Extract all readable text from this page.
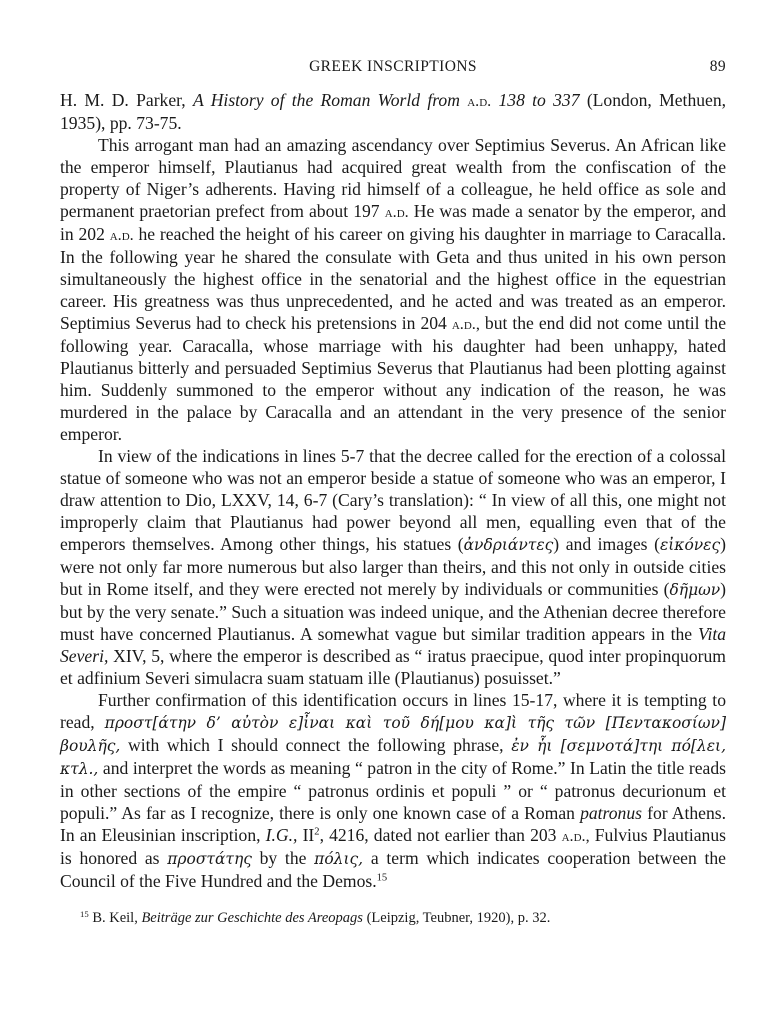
GREEK INSCRIPTIONS	89

H. M. D. Parker, A History of the Roman World from a.d. 138 to 337 (London, Methuen, 1935), pp. 73-75.

This arrogant man had an amazing ascendancy over Septimius Severus. An African like the emperor himself, Plautianus had acquired great wealth from the confiscation of the property of Niger’s adherents. Having rid himself of a colleague, he held office as sole and permanent praetorian prefect from about 197 a.d. He was made a senator by the emperor, and in 202 a.d. he reached the height of his career on giving his daughter in marriage to Caracalla. In the following year he shared the consulate with Geta and thus united in his own person simultaneously the highest office in the senatorial and the highest office in the equestrian career. His greatness was thus unprecedented, and he acted and was treated as an emperor. Septimius Severus had to check his pretensions in 204 a.d., but the end did not come until the following year. Caracalla, whose marriage with his daughter had been unhappy, hated Plautianus bitterly and persuaded Septimius Severus that Plautianus had been plotting against him. Suddenly summoned to the emperor without any indication of the reason, he was murdered in the palace by Caracalla and an attendant in the very presence of the senior emperor.

In view of the indications in lines 5-7 that the decree called for the erection of a colossal statue of someone who was not an emperor beside a statue of someone who was an emperor, I draw attention to Dio, LXXV, 14, 6-7 (Cary’s translation): “ In view of all this, one might not improperly claim that Plautianus had power beyond all men, equalling even that of the emperors themselves. Among other things, his statues (ἀνδριάντες) and images (εἰκόνες) were not only far more numerous but also larger than theirs, and this not only in outside cities but in Rome itself, and they were erected not merely by individuals or communities (δῆμων) but by the very senate.” Such a situation was indeed unique, and the Athenian decree therefore must have concerned Plautianus. A somewhat vague but similar tradition appears in the Vita Severi, XIV, 5, where the emperor is described as “ iratus praecipue, quod inter propinquorum et adfinium Severi simulacra suam statuam ille (Plautianus) posuisset.”

Further confirmation of this identification occurs in lines 15-17, where it is tempting to read, προστ[άτην δ’ αὐτὸν ε]ἶναι καὶ τοῦ δή[μου κα]ὶ τῆς τῶν [Πεντακοσίων] βουλῆς, with which I should connect the following phrase, ἐν ἧι [σεμνοτά]τηι πό[λει, κτλ., and interpret the words as meaning “ patron in the city of Rome.” In Latin the title reads in other sections of the empire “ patronus ordinis et populi ” or “ patronus decurionum et populi.” As far as I recognize, there is only one known case of a Roman patronus for Athens. In an Eleusinian inscription, I.G., $II^2$, 4216, dated not earlier than 203 a.d., Fulvius Plautianus is honored as προστάτης by the πόλις, a term which indicates cooperation between the Council of the Five Hundred and the Demos.$^{15}$

$^{15}$ B. Keil, Beiträge zur Geschichte des Areopags (Leipzig, Teubner, 1920), p. 32.
